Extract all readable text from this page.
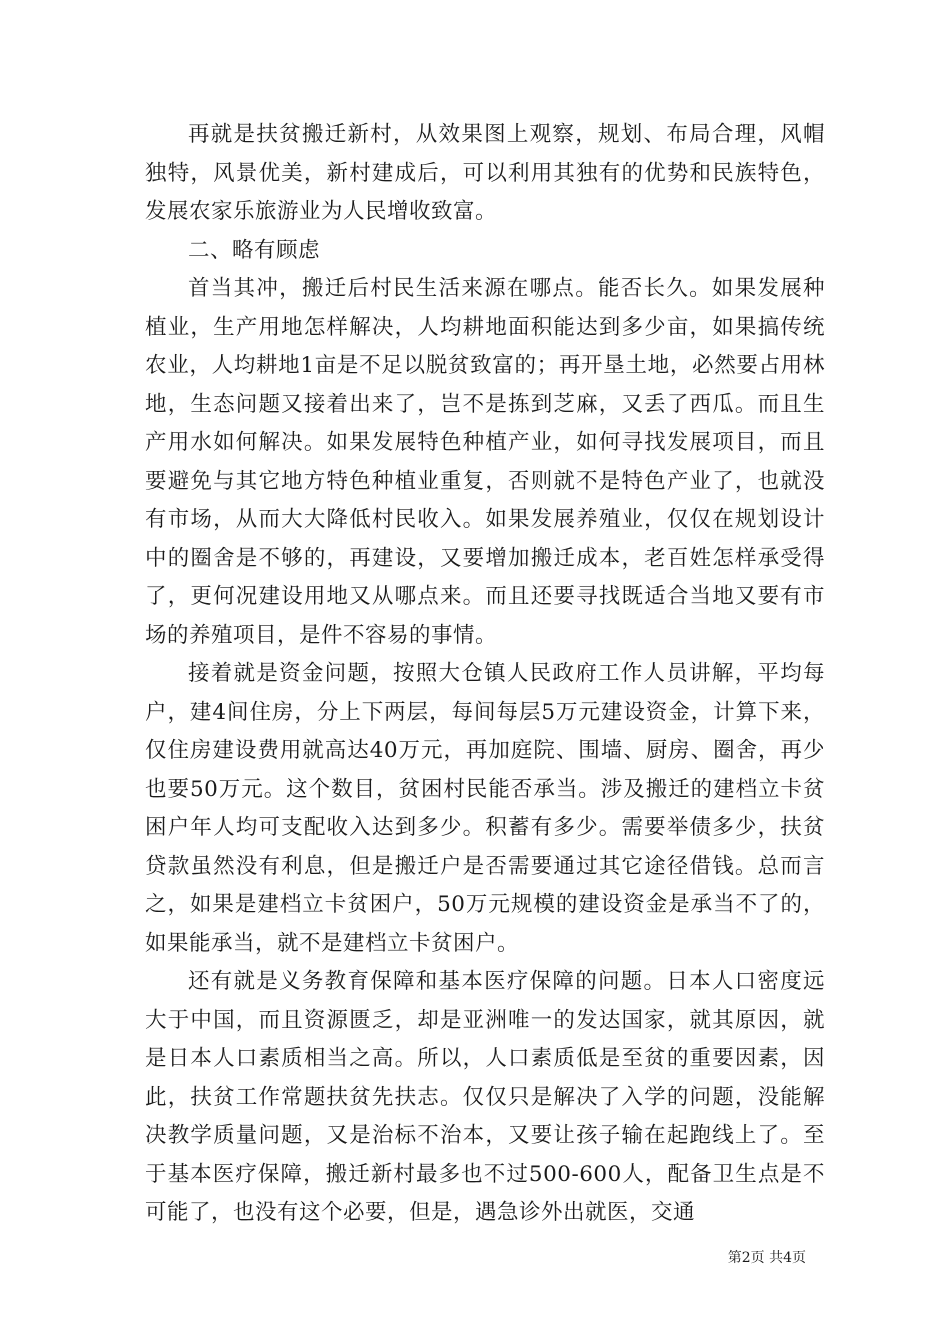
再就是扶贫搬迁新村，从效果图上观察，规划、布局合理，风帽独特，风景优美，新村建成后，可以利用其独有的优势和民族特色，发展农家乐旅游业为人民增收致富。

二、略有顾虑

首当其冲，搬迁后村民生活来源在哪点。能否长久。如果发展种植业，生产用地怎样解决，人均耕地面积能达到多少亩，如果搞传统农业，人均耕地1亩是不足以脱贫致富的；再开垦土地，必然要占用林地，生态问题又接着出来了，岂不是拣到芝麻，又丢了西瓜。而且生产用水如何解决。如果发展特色种植产业，如何寻找发展项目，而且要避免与其它地方特色种植业重复，否则就不是特色产业了，也就没有市场，从而大大降低村民收入。如果发展养殖业，仅仅在规划设计中的圈舍是不够的，再建设，又要增加搬迁成本，老百姓怎样承受得了，更何况建设用地又从哪点来。而且还要寻找既适合当地又要有市场的养殖项目，是件不容易的事情。

接着就是资金问题，按照大仓镇人民政府工作人员讲解，平均每户，建4间住房，分上下两层，每间每层5万元建设资金，计算下来，仅住房建设费用就高达40万元，再加庭院、围墙、厨房、圈舍，再少也要50万元。这个数目，贫困村民能否承当。涉及搬迁的建档立卡贫困户年人均可支配收入达到多少。积蓄有多少。需要举债多少，扶贫贷款虽然没有利息，但是搬迁户是否需要通过其它途径借钱。总而言之，如果是建档立卡贫困户，50万元规模的建设资金是承当不了的，如果能承当，就不是建档立卡贫困户。

还有就是义务教育保障和基本医疗保障的问题。日本人口密度远大于中国，而且资源匮乏，却是亚洲唯一的发达国家，就其原因，就是日本人口素质相当之高。所以，人口素质低是至贫的重要因素，因此，扶贫工作常题扶贫先扶志。仅仅只是解决了入学的问题，没能解决教学质量问题，又是治标不治本，又要让孩子输在起跑线上了。至于基本医疗保障，搬迁新村最多也不过500-600人，配备卫生点是不可能了，也没有这个必要，但是，遇急诊外出就医，交通

第2页 共4页
